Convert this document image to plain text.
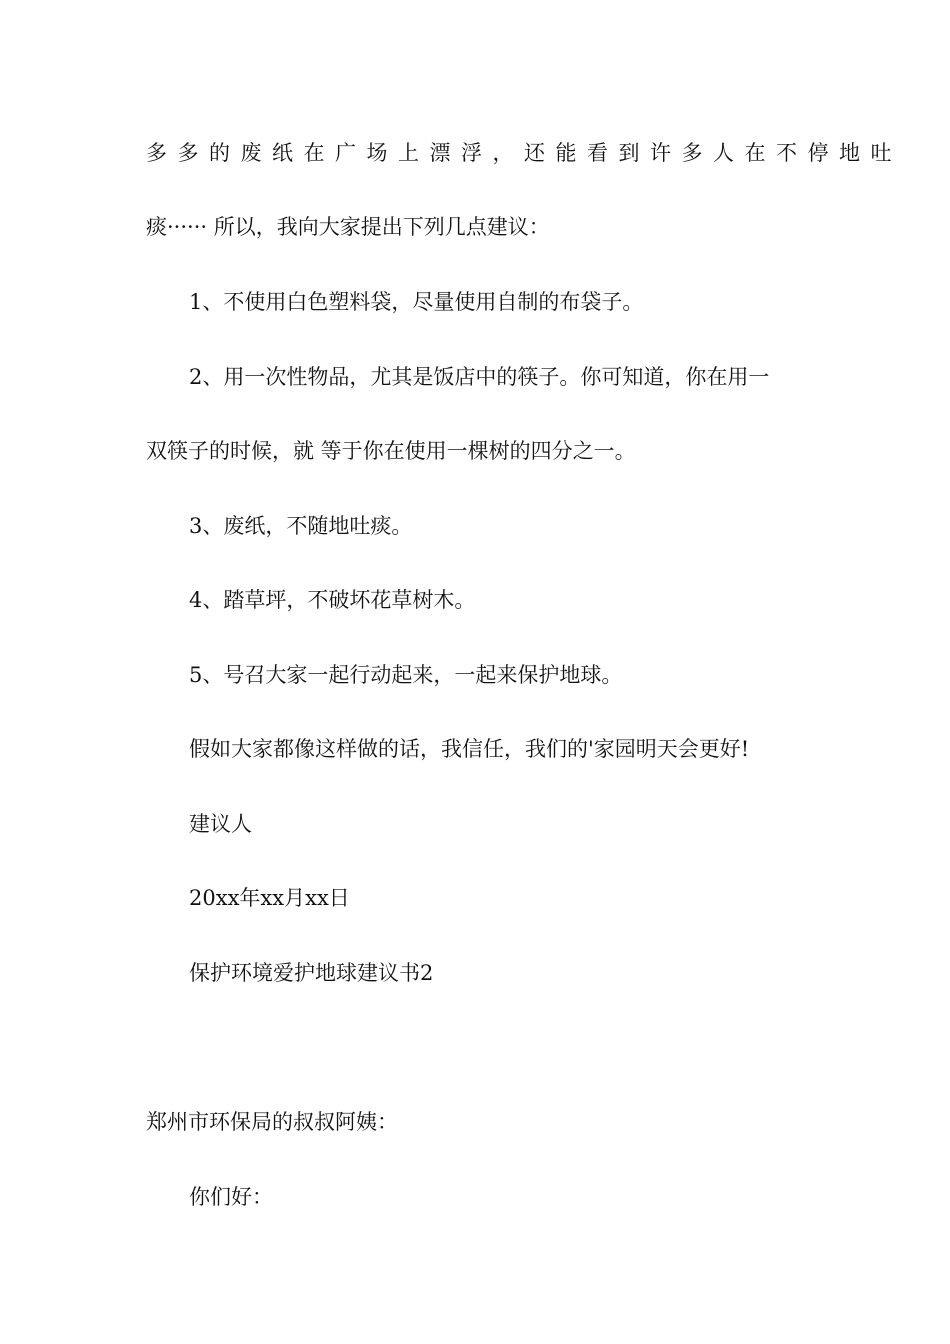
多多的废纸在广场上漂浮，还能看到许多人在不停地吐
痰······ 所以，我向大家提出下列几点建议：
1、不使用白色塑料袋，尽量使用自制的布袋子。
2、用一次性物品，尤其是饭店中的筷子。你可知道，你在用一
双筷子的时候，就 等于你在使用一棵树的四分之一。
3、废纸，不随地吐痰。
4、踏草坪，不破坏花草树木。
5、号召大家一起行动起来，一起来保护地球。
假如大家都像这样做的话，我信任，我们的'家园明天会更好!
建议人
20xx年xx月xx日
保护环境爱护地球建议书2
郑州市环保局的叔叔阿姨：
你们好：
